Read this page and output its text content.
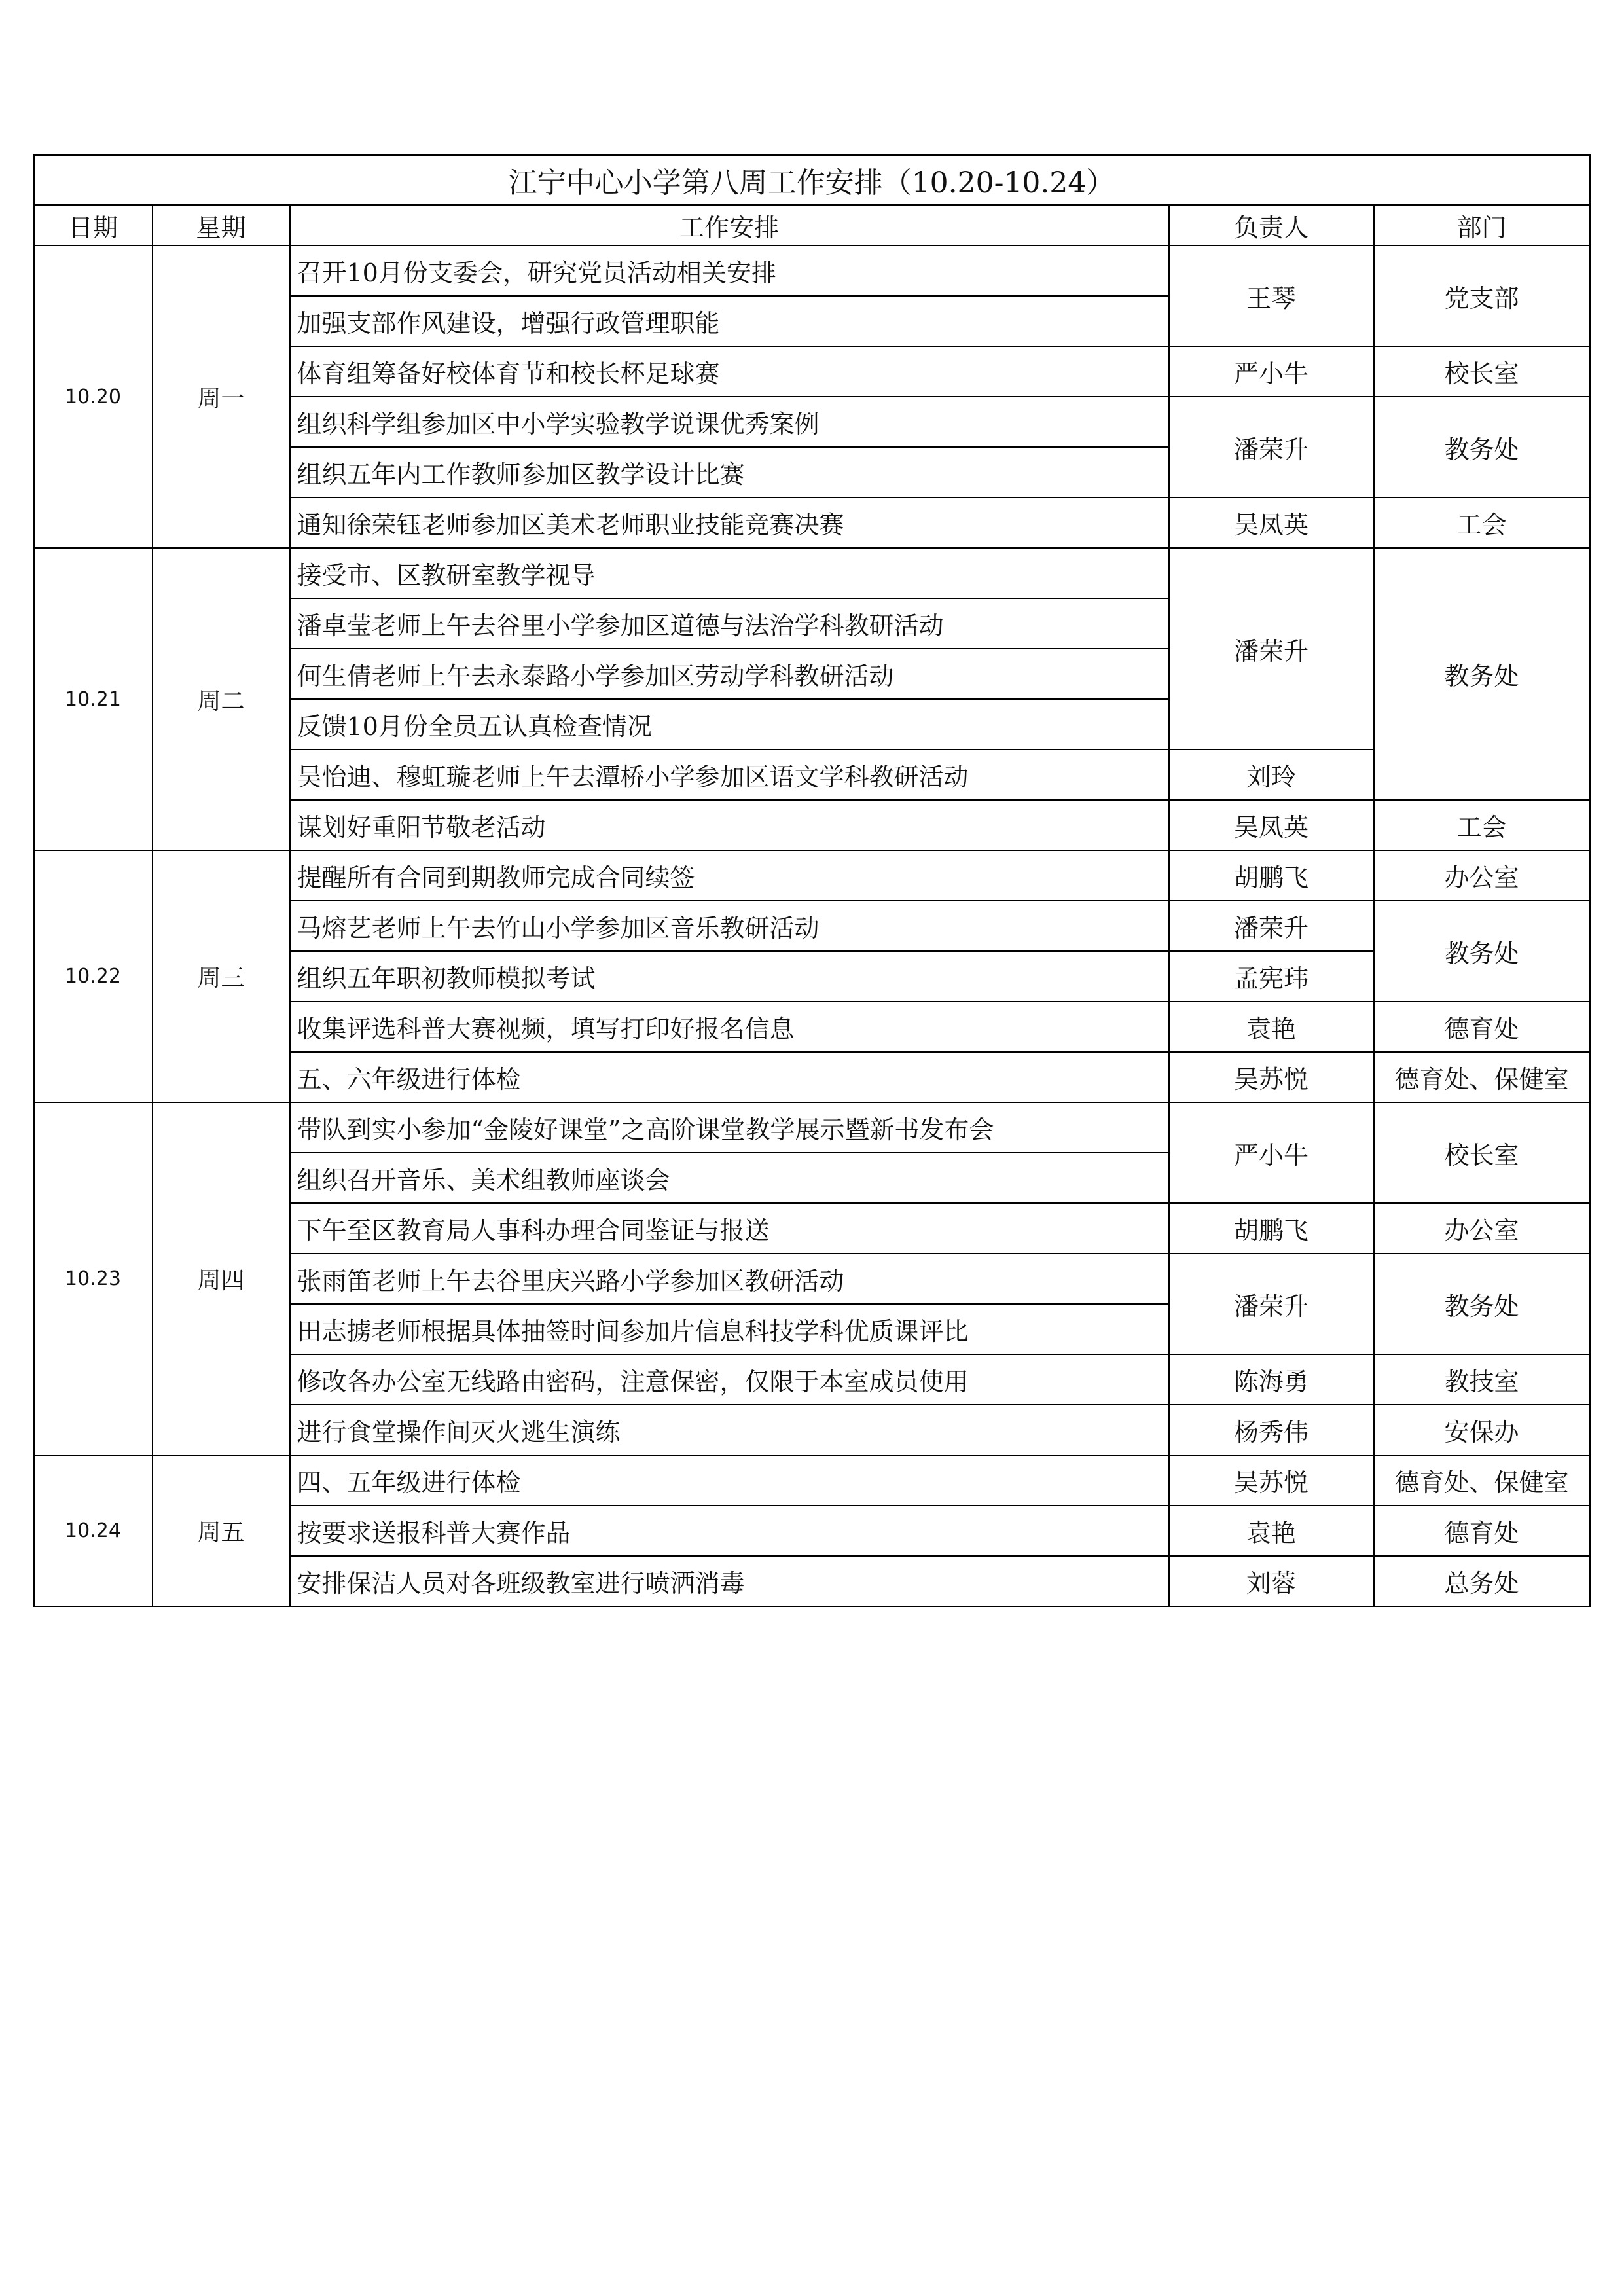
江宁中心小学第八周工作安排（10.20-10.24）				
日期	星期	工作安排	负责人	部门
10.20	周一	召开10月份支委会，研究党员活动相关安排	王琴	党支部
		加强支部作风建设，增强行政管理职能		
		体育组筹备好校体育节和校长杯足球赛	严小牛	校长室
		组织科学组参加区中小学实验教学说课优秀案例	潘荣升	教务处
		组织五年内工作教师参加区教学设计比赛		
		通知徐荣钰老师参加区美术老师职业技能竞赛决赛	吴凤英	工会
10.21	周二	接受市、区教研室教学视导	潘荣升	教务处
		潘卓莹老师上午去谷里小学参加区道德与法治学科教研活动		
		何生倩老师上午去永泰路小学参加区劳动学科教研活动		
		反馈10月份全员五认真检查情况		
		吴怡迪、穆虹璇老师上午去潭桥小学参加区语文学科教研活动	刘玲	
		谋划好重阳节敬老活动	吴凤英	工会
10.22	周三	提醒所有合同到期教师完成合同续签	胡鹏飞	办公室
		马熔艺老师上午去竹山小学参加区音乐教研活动	潘荣升	教务处
		组织五年职初教师模拟考试	孟宪玮	
		收集评选科普大赛视频，填写打印好报名信息	袁艳	德育处
		五、六年级进行体检	吴苏悦	德育处、保健室
10.23	周四	带队到实小参加“金陵好课堂”之高阶课堂教学展示暨新书发布会	严小牛	校长室
		组织召开音乐、美术组教师座谈会		
		下午至区教育局人事科办理合同鉴证与报送	胡鹏飞	办公室
		张雨笛老师上午去谷里庆兴路小学参加区教研活动	潘荣升	教务处
		田志掳老师根据具体抽签时间参加片信息科技学科优质课评比		
		修改各办公室无线路由密码，注意保密，仅限于本室成员使用	陈海勇	教技室
		进行食堂操作间灭火逃生演练	杨秀伟	安保办
10.24	周五	四、五年级进行体检	吴苏悦	德育处、保健室
		按要求送报科普大赛作品	袁艳	德育处
		安排保洁人员对各班级教室进行喷洒消毒	刘蓉	总务处
